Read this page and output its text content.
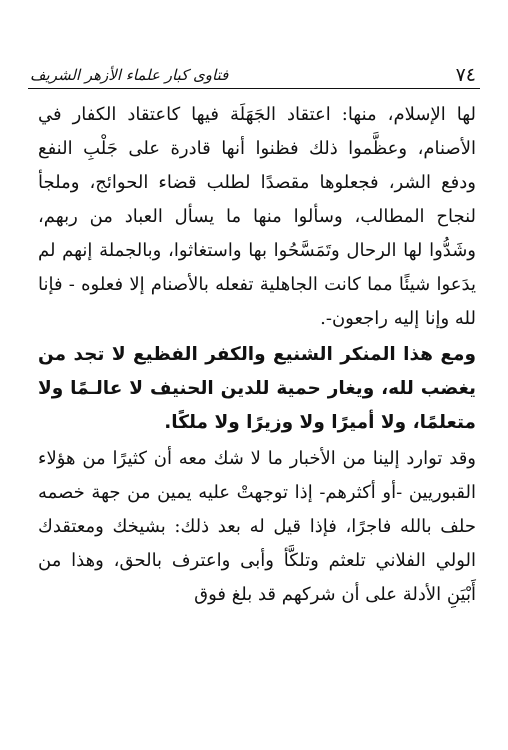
٧٤
فتاوى كبار علماء الأزهر الشريف

لها الإسلام، منها: اعتقاد الجَهَلَة فيها كاعتقاد الكفار في الأصنام، وعظَّموا ذلك فظنوا أنها قادرة على جَلْبِ النفع ودفع الشر، فجعلوها مقصدًا لطلب قضاء الحوائج، وملجأ لنجاح المطالب، وسألوا منها ما يسأل العباد من ربهم، وشَدُّوا لها الرحال وتَمَسَّحُوا بها واستغاثوا، وبالجملة إنهم لم يدَعوا شيئًا مما كانت الجاهلية تفعله بالأصنام إلا فعلوه - فإنا لله وإنا إليه راجعون-.

ومع هذا المنكر الشنيع والكفر الفظيع لا تجد من يغضب لله، ويغار حمية للدين الحنيف لا عالـمًا ولا متعلمًا، ولا أميرًا ولا وزيرًا ولا ملكًا.

وقد توارد إلينا من الأخبار ما لا شك معه أن كثيرًا من هؤلاء القبوريين -أو أكثرهم- إذا توجهتْ عليه يمين من جهة خصمه حلف بالله فاجرًا، فإذا قيل له بعد ذلك: بشيخك ومعتقدك الولي الفلاني تلعثم وتلكَّأ وأبى واعترف بالحق، وهذا من أَبْيَنِ الأدلة على أن شركهم قد بلغ فوق
